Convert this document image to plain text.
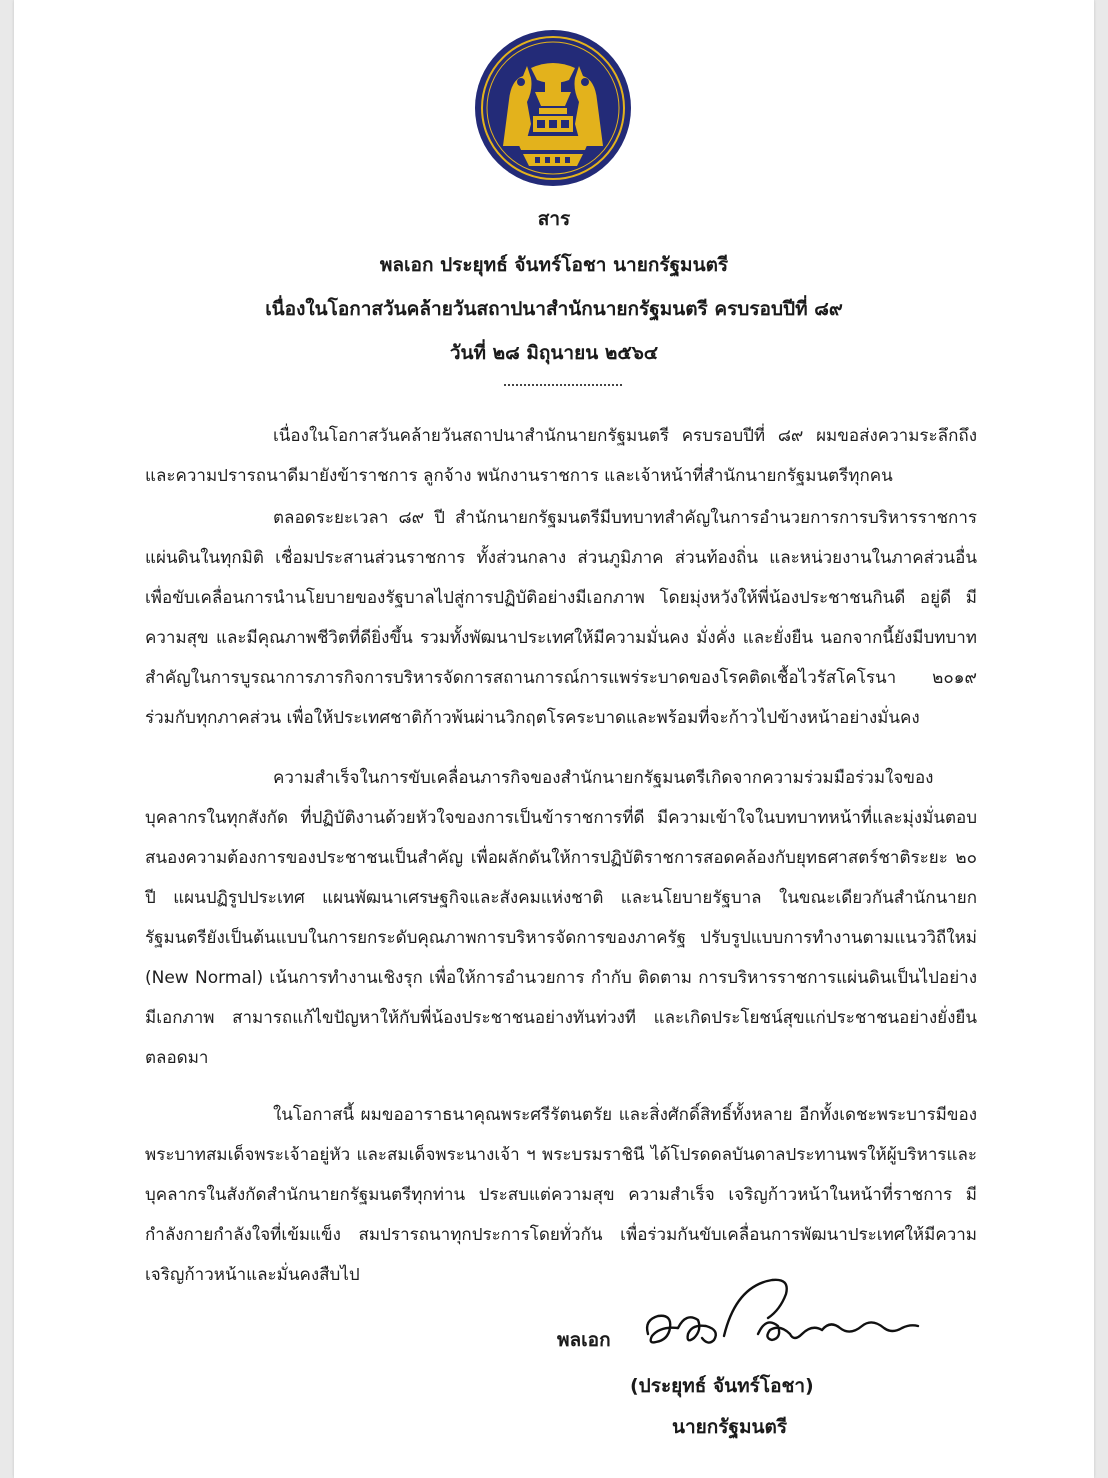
สาร
พลเอก ประยุทธ์ จันทร์โอชา นายกรัฐมนตรี
เนื่องในโอกาสวันคล้ายวันสถาปนาสำนักนายกรัฐมนตรี ครบรอบปีที่ ๘๙
วันที่ ๒๘ มิถุนายน ๒๕๖๔

เนื่องในโอกาสวันคล้ายวันสถาปนาสำนักนายกรัฐมนตรี ครบรอบปีที่ ๘๙ ผมขอส่งความระลึกถึงและความปรารถนาดีมายังข้าราชการ ลูกจ้าง พนักงานราชการ และเจ้าหน้าที่สำนักนายกรัฐมนตรีทุกคน

ตลอดระยะเวลา ๘๙ ปี สำนักนายกรัฐมนตรีมีบทบาทสำคัญในการอำนวยการการบริหารราชการแผ่นดินในทุกมิติ เชื่อมประสานส่วนราชการ ทั้งส่วนกลาง ส่วนภูมิภาค ส่วนท้องถิ่น และหน่วยงานในภาคส่วนอื่น เพื่อขับเคลื่อนการนำนโยบายของรัฐบาลไปสู่การปฏิบัติอย่างมีเอกภาพ โดยมุ่งหวังให้พี่น้องประชาชนกินดี อยู่ดี มีความสุข และมีคุณภาพชีวิตที่ดียิ่งขึ้น รวมทั้งพัฒนาประเทศให้มีความมั่นคง มั่งคั่ง และยั่งยืน นอกจากนี้ยังมีบทบาทสำคัญในการบูรณาการภารกิจการบริหารจัดการสถานการณ์การแพร่ระบาดของโรคติดเชื้อไวรัสโคโรนา ๒๐๑๙ ร่วมกับทุกภาคส่วน เพื่อให้ประเทศชาติก้าวพ้นผ่านวิกฤตโรคระบาดและพร้อมที่จะก้าวไปข้างหน้าอย่างมั่นคง

ความสำเร็จในการขับเคลื่อนภารกิจของสำนักนายกรัฐมนตรีเกิดจากความร่วมมือร่วมใจของบุคลากรในทุกสังกัด ที่ปฏิบัติงานด้วยหัวใจของการเป็นข้าราชการที่ดี มีความเข้าใจในบทบาทหน้าที่และมุ่งมั่นตอบสนองความต้องการของประชาชนเป็นสำคัญ เพื่อผลักดันให้การปฏิบัติราชการสอดคล้องกับยุทธศาสตร์ชาติระยะ ๒๐ ปี แผนปฏิรูปประเทศ แผนพัฒนาเศรษฐกิจและสังคมแห่งชาติ และนโยบายรัฐบาล ในขณะเดียวกันสำนักนายกรัฐมนตรียังเป็นต้นแบบในการยกระดับคุณภาพการบริหารจัดการของภาครัฐ ปรับรูปแบบการทำงานตามแนววิถีใหม่ (New Normal) เน้นการทำงานเชิงรุก เพื่อให้การอำนวยการ กำกับ ติดตาม การบริหารราชการแผ่นดินเป็นไปอย่างมีเอกภาพ สามารถแก้ไขปัญหาให้กับพี่น้องประชาชนอย่างทันท่วงที และเกิดประโยชน์สุขแก่ประชาชนอย่างยั่งยืนตลอดมา

ในโอกาสนี้ ผมขออาราธนาคุณพระศรีรัตนตรัย และสิ่งศักดิ์สิทธิ์ทั้งหลาย อีกทั้งเดชะพระบารมีของพระบาทสมเด็จพระเจ้าอยู่หัว และสมเด็จพระนางเจ้า ฯ พระบรมราชินี ได้โปรดดลบันดาลประทานพรให้ผู้บริหารและบุคลากรในสังกัดสำนักนายกรัฐมนตรีทุกท่าน ประสบแต่ความสุข ความสำเร็จ เจริญก้าวหน้าในหน้าที่ราชการ มีกำลังกายกำลังใจที่เข้มแข็ง สมปรารถนาทุกประการโดยทั่วกัน เพื่อร่วมกันขับเคลื่อนการพัฒนาประเทศให้มีความเจริญก้าวหน้าและมั่นคงสืบไป

พลเอก
(ประยุทธ์ จันทร์โอชา)
นายกรัฐมนตรี
